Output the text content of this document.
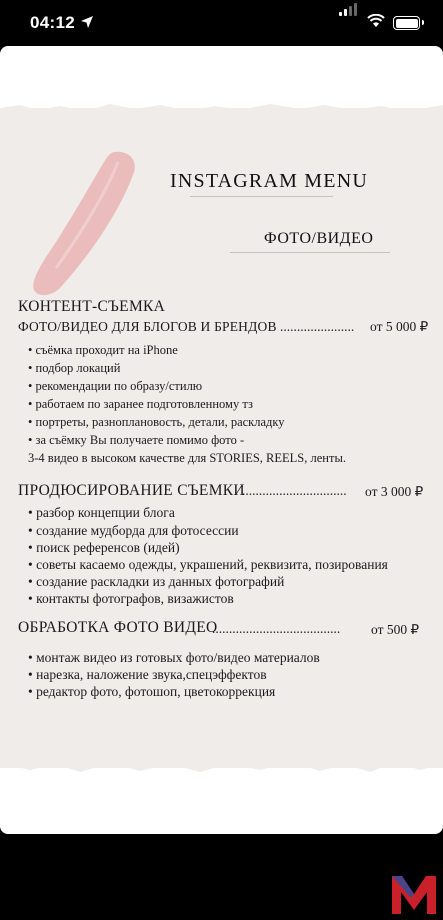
04:12
INSTAGRAM MENU
ФОТО/ВИДЕО
КОНТЕНТ-СЪЕМКА
ФОТО/ВИДЕО ДЛЯ БЛОГОВ И БРЕНДОВ ...................... от 5 000 ₽
• съёмка проходит на iPhone
• подбор локаций
• рекомендации по образу/стилю
• работаем по заранее подготовленному тз
• портреты, разноплановость, детали, раскладку
• за съёмку Вы получаете помимо фото -
3-4 видео в высоком качестве для STORIES, REELS, ленты.
ПРОДЮСИРОВАНИЕ СЪЕМКИ
............................... от 3 000 ₽
• разбор концепции блога
• создание мудборда для фотосессии
• поиск референсов (идей)
• советы касаемо одежды, украшений, реквизита, позирования
• создание раскладки из данных фотографий
• контакты фотографов, визажистов
ОБРАБОТКА ФОТО ВИДЕО
...................................... от 500 ₽
• монтаж видео из готовых фото/видео материалов
• нарезка, наложение звука,спецэффектов
• редактор фото, фотошоп, цветокоррекция
